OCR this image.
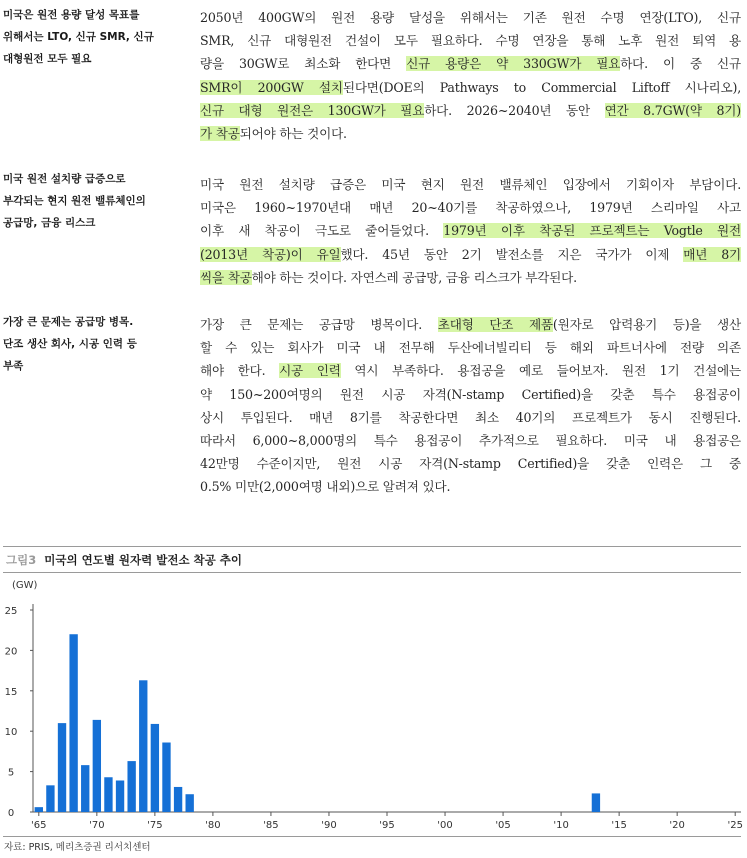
미국은 원전 용량 달성 목표를
위해서는 LTO, 신규 SMR, 신규
대형원전 모두 필요
2050년 400GW의 원전 용량 달성을 위해서는 기존 원전 수명 연장(LTO), 신규
SMR, 신규 대형원전 건설이 모두 필요하다. 수명 연장을 통해 노후 원전 퇴역 용
량을 30GW로 최소화 한다면 신규 용량은 약 330GW가 필요하다. 이 중 신규
SMR이 200GW 설치된다면(DOE의 Pathways to Commercial Liftoff 시나리오),
신규 대형 원전은 130GW가 필요하다. 2026~2040년 동안 연간 8.7GW(약 8기)
가 착공되어야 하는 것이다.
미국 원전 설치량 급증으로
부각되는 현지 원전 밸류체인의
공급망, 금융 리스크
미국 원전 설치량 급증은 미국 현지 원전 밸류체인 입장에서 기회이자 부담이다.
미국은 1960~1970년대 매년 20~40기를 착공하였으나, 1979년 스리마일 사고
이후 새 착공이 극도로 줄어들었다. 1979년 이후 착공된 프로젝트는 Vogtle 원전
(2013년 착공)이 유일했다. 45년 동안 2기 발전소를 지은 국가가 이제 매년 8기
씩을 착공해야 하는 것이다. 자연스레 공급망, 금융 리스크가 부각된다.
가장 큰 문제는 공급망 병목.
단조 생산 회사, 시공 인력 등
부족
가장 큰 문제는 공급망 병목이다. 초대형 단조 제품(원자로 압력용기 등)을 생산
할 수 있는 회사가 미국 내 전무해 두산에너빌리티 등 해외 파트너사에 전량 의존
해야 한다. 시공 인력 역시 부족하다. 용접공을 예로 들어보자. 원전 1기 건설에는
약 150~200여명의 원전 시공 자격(N-stamp Certified)을 갖춘 특수 용접공이
상시 투입된다. 매년 8기를 착공한다면 최소 40기의 프로젝트가 동시 진행된다.
따라서 6,000~8,000명의 특수 용접공이 추가적으로 필요하다. 미국 내 용접공은
42만명 수준이지만, 원전 시공 자격(N-stamp Certified)을 갖춘 인력은 그 중
0.5% 미만(2,000여명 내외)으로 알려져 있다.
그림3 미국의 연도별 원자력 발전소 착공 추이
(GW)
0
5
10
15
20
25
'65	'70	'75	'80	'85	'90	'95	'00	'05	'10	'15	'20	'25
자료: PRIS, 메리츠증권 리서치센터
